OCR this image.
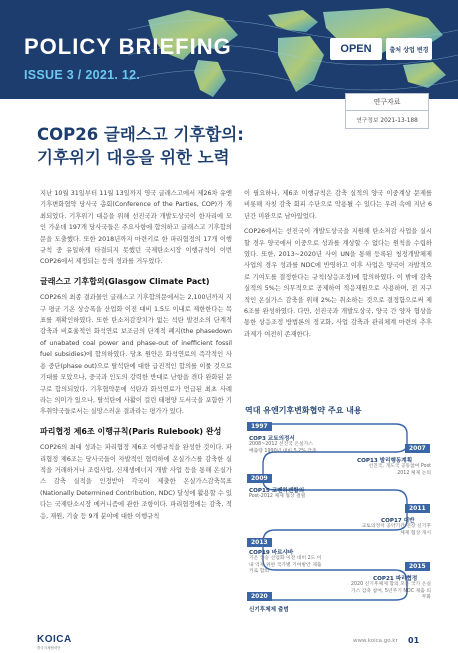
POLICY BRIEFING
ISSUE 3 / 2021. 12.
OPEN	출처 상업 변경
연구자료
연구정보 2021-13-188
COP26 글래스고 기후합의:
기후위기 대응을 위한 노력

지난 10월 31일부터 11월 13일까지 영국 글래스고에서 제26차 유엔 기후변화협약 당사국 총회(Conference of the Parties, COP)가 개최되었다. 기후위기 대응을 위해 선진국과 개발도상국이 한자리에 모인 가운데 197개 당사국들은 주요사항에 합의하고 글래스고 기후합의문을 도출했다. 또한 2018년까지 마련키로 한 파리협정의 17개 이행규칙 중 유일하게 타결되지 못했던 국제탄소시장 이행규칙이 이번 COP26에서 제정되는 등의 성과를 거두었다.

글래스고 기후합의(Glasgow Climate Pact)

COP26의 최종 결과물인 글래스고 기후합의문에서는 2,100년까지 지구 평균 기온 상승폭을 산업화 이전 대비 1.5도 이내로 제한한다는 목표를 재확인하였다. 또한 탄소저감장치가 없는 석탄 발전소의 단계적 감축과 비효율적인 화석연료 보조금의 단계적 폐지(the phasedown of unabated coal power and phase-out of inefficient fossil fuel subsidies)에 합의하였다. 당초 원안은 화석연료의 즉각적인 사용 중단(phase out)으로 탈석탄에 대한 급진적인 합의를 이룰 것으로 기대를 모았으나, 중국과 인도의 강력한 반대로 난항을 겪다 완화된 문구로 합의되었다. 기후협약문에 석탄과 화석연료가 언급된 최초 사례라는 의미가 있으나, 탈석탄에 사활이 걸린 태평양 도서국을 포함한 기후취약국들로서는 실망스러운 결과라는 평가가 있다.

파리협정 제6조 이행규칙(Paris Rulebook) 완성

COP26의 최대 성과는 파리협정 제6조 이행규칙을 완성한 것이다. 파리협정 제6조는 당사국들이 자발적인 협력하에 온실가스를 감축한 실적을 거래하거나 조림사업, 신재생에너지 개발 사업 등을 통해 온실가스 감축 실적을 인정받아 각국이 제출한 온실가스감축목표(Nationally Determined Contribution, NDC) 달성에 활용할 수 있다는 국제탄소시장 메커니즘에 관한 조항이다. 파리협정에는 감축, 적응, 재원, 기술 등 9개 분야에 대한 이행규칙

이 필요하나, 제6조 이행규칙은 감축 실적의 양국 이중계상 문제를 비롯해 자칫 감축 회피 수단으로 악용될 수 있다는 우려 속에 지난 6년간 미완으로 남아있었다.

COP26에서는 선진국이 개발도상국을 지원해 탄소저감 사업을 실시할 경우 양국에서 이중으로 성과를 계상할 수 없다는 원칙을 수립하였다. 또한, 2013~2020년 사이 UN을 통해 등록된 청정개발체제 사업의 경우 성과를 NDC에 반영하고 이후 사업은 양국이 자발적으로 기여도를 결정한다는 규칙(상응조정)에 합의하였다. 이 밖에 감축 실적의 5%는 의무적으로 공제하여 적응재원으로 사용하며, 전 지구적인 온실가스 감축을 위해 2%는 취소하는 것으로 결정함으로써 제6조를 완성하였다. 다만, 선진국과 개발도상국, 양국 간 양자 협상을 통한 상응조정 방법론의 정교화, 사업 감축과 관리체계 마련의 추후 과제가 여전히 존재한다.

역대 유엔기후변화협약 주요 내용
1997
COP3 교토의정서
2008~2012 선진국 온실가스 배출량 1990년 대비 5.2% 감축	2007
COP13 발리행동계획
선진국, 개도국 공동참여 Post 2012 체제 논의
2009
COP15 코펜하겐합의
Post-2012 체제 협상 결렬
2011
COP17 더반
교토의정서 공약기간 연장 신기후체제 협상 개시
2013
COP19 바르샤바
기온 상승 산업화 이전 대비 2도 이내 억제 위한 국가별 기여방안 제출키로 합의
2015
COP21 파리협정
2020 신기후체제 합의 모든 국가 온실가스 감축 참여, 5년주기 NDC 제출 의무화
2020
신기후체제 출범
KOICA
한국국제협력단
www.koica.go.kr 01
